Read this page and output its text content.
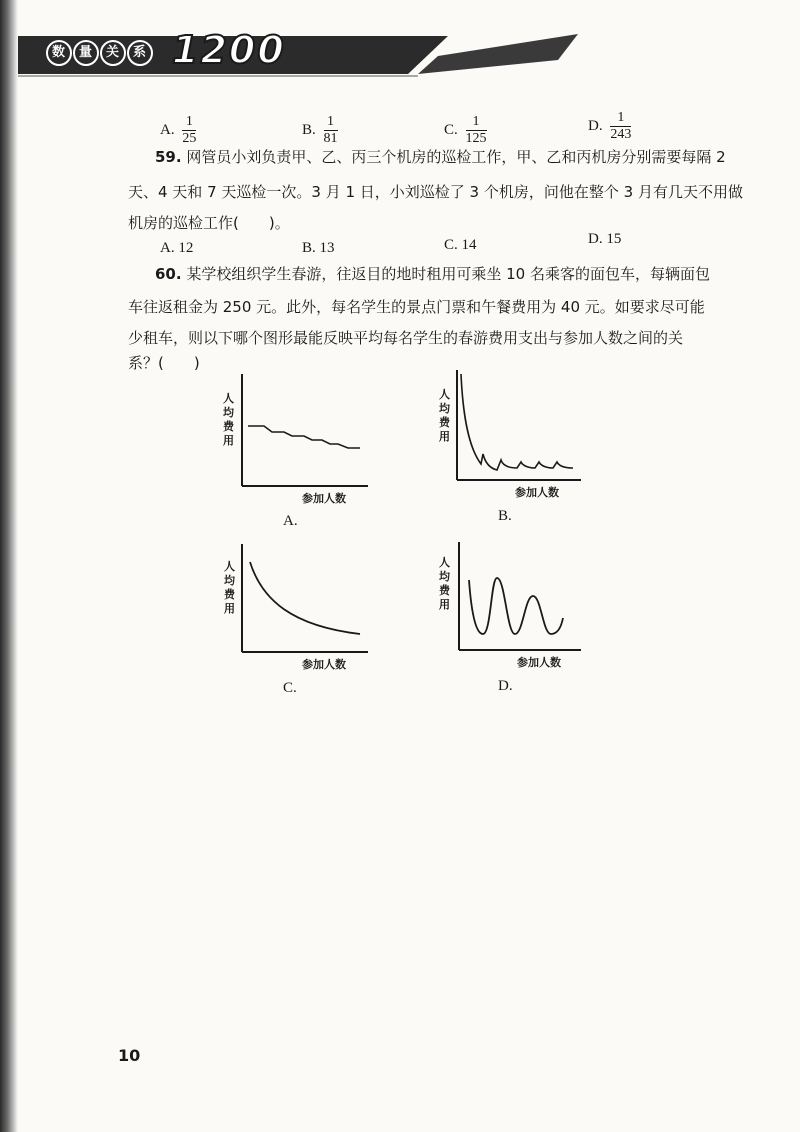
数 量 关 系 1200
A. $\frac{1}{25}$	B. $\frac{1}{81}$	C. $\frac{1}{125}$	D. $\frac{1}{243}$
59. 网管员小刘负责甲、乙、丙三个机房的巡检工作，甲、乙和丙机房分别需要每隔 2
天、4 天和 7 天巡检一次。3 月 1 日，小刘巡检了 3 个机房，问他在整个 3 月有几天不用做
机房的巡检工作(　　)。
A. 12	B. 13	C. 14	D. 15
60. 某学校组织学生春游，往返目的地时租用可乘坐 10 名乘客的面包车，每辆面包
车往返租金为 250 元。此外，每名学生的景点门票和午餐费用为 40 元。如要求尽可能
少租车，则以下哪个图形最能反映平均每名学生的春游费用支出与参加人数之间的关
系？(　　)
人
均
费
用
参加人数
A.
人
均
费
用
参加人数
B.
人
均
费
用
参加人数
C.
人
均
费
用
参加人数
D.
10
